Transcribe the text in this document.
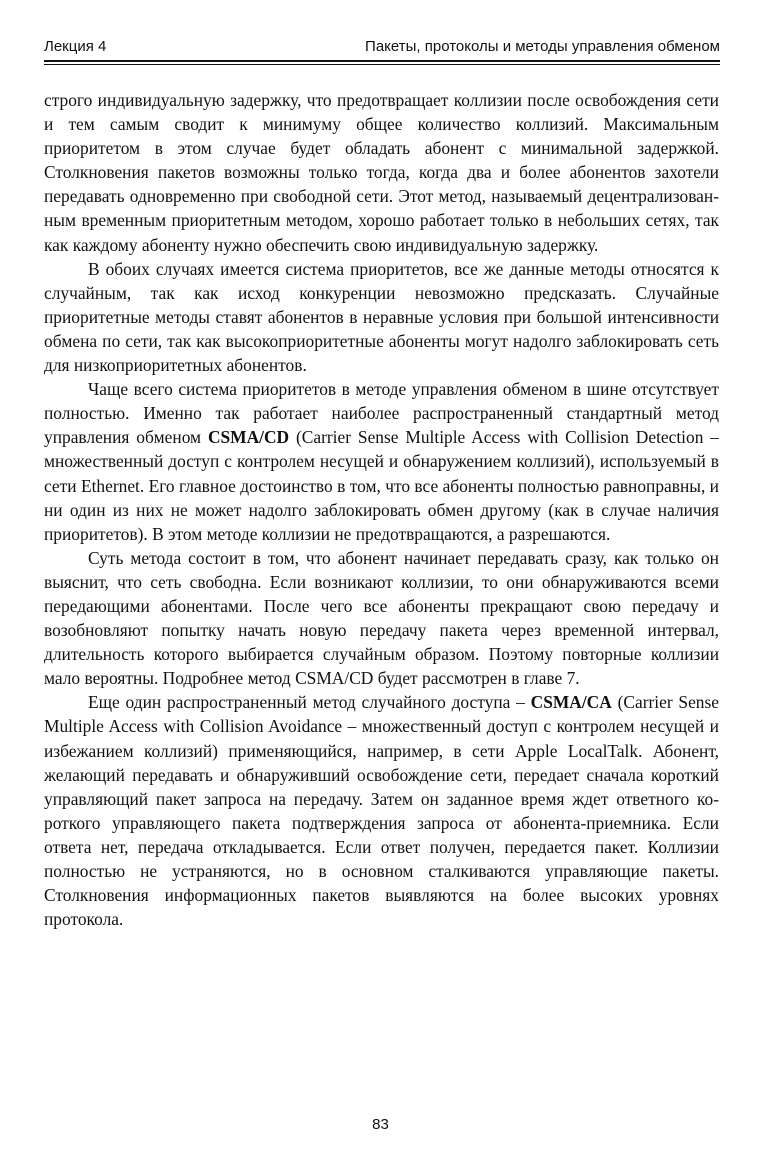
Лекция 4	Пакеты, протоколы и методы управления обменом

строго индивидуальную задержку, что предотвращает коллизии после освобождения сети и тем самым сводит к минимуму общее количество коллизий. Максимальным приоритетом в этом случае будет обладать абонент с минимальной задержкой. Столкновения пакетов возможны только тогда, когда два и более абонентов захотели передавать одновременно при свободной сети. Этот метод, называемый децентрализованным временным приоритетным методом, хорошо работает только в небольших сетях, так как каждому абоненту нужно обеспечить свою индивидуальную задержку.

В обоих случаях имеется система приоритетов, все же данные методы относятся к случайным, так как исход конкуренции невозможно предсказать. Случайные приоритетные методы ставят абонентов в неравные условия при большой интенсивности обмена по сети, так как высокоприоритетные абоненты могут надолго заблокировать сеть для низкоприоритетных абонентов.

Чаще всего система приоритетов в методе управления обменом в шине отсутствует полностью. Именно так работает наиболее распространенный стандартный метод управления обменом CSMA/CD (Carrier Sense Multiple Access with Collision Detection – множественный доступ с контролем несущей и обнаружением коллизий), используемый в сети Ethernet. Его главное достоинство в том, что все абоненты полностью равноправны, и ни один из них не может надолго заблокировать обмен другому (как в случае наличия приоритетов). В этом методе коллизии не предотвращаются, а разрешаются.

Суть метода состоит в том, что абонент начинает передавать сразу, как только он выяснит, что сеть свободна. Если возникают коллизии, то они обнаруживаются всеми передающими абонентами. После чего все абоненты прекращают свою передачу и возобновляют попытку начать новую передачу пакета через временной интервал, длительность которого выбирается случайным образом. Поэтому повторные коллизии мало вероятны. Подробнее метод CSMA/CD будет рассмотрен в главе 7.

Еще один распространенный метод случайного доступа – CSMA/CA (Carrier Sense Multiple Access with Collision Avoidance – множественный доступ с контролем несущей и избежанием коллизий) применяющийся, например, в сети Apple LocalTalk. Абонент, желающий передавать и обнаруживший освобождение сети, передает сначала короткий управляющий пакет запроса на передачу. Затем он заданное время ждет ответного короткого управляющего пакета подтверждения запроса от абонента-приемника. Если ответа нет, передача откладывается. Если ответ получен, передается пакет. Коллизии полностью не устраняются, но в основном сталкиваются управляющие пакеты. Столкновения информационных пакетов выявляются на более высоких уровнях протокола.

83
